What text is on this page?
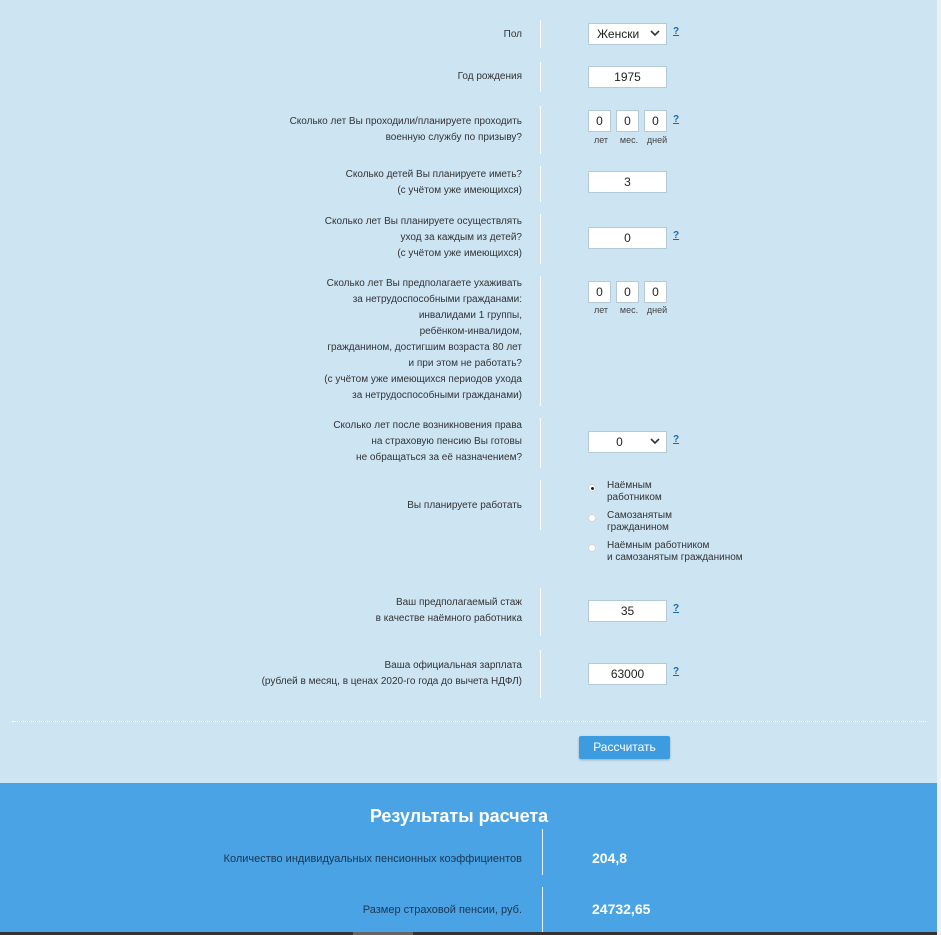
Пол	Женски	?
Год рождения	1975
Сколько лет Вы проходили/планируете проходить
военную службу по призыву?
0	0	0	?
лет	мес. дней
Сколько детей Вы планируете иметь?
(с учётом уже имеющихся)
3
Сколько лет Вы планируете осуществлять
уход за каждым из детей?
(с учётом уже имеющихся)
0	?
Сколько лет Вы предполагаете ухаживать
за нетрудоспособными гражданами:
инвалидами 1 группы,
ребёнком-инвалидом,
гражданином, достигшим возраста 80 лет
и при этом не работать?
(с учётом уже имеющихся периодов ухода
за нетрудоспособными гражданами)
0	0	0
лет	мес. дней
Сколько лет после возникновения права
на страховую пенсию Вы готовы
не обращаться за её назначением?
0	?
Вы планируете работать
Наёмным
работником
Самозанятым
гражданином
Наёмным работником
и самозанятым гражданином
Ваш предполагаемый стаж
в качестве наёмного работника
35	?
Ваша официальная зарплата
(рублей в месяц, в ценах 2020-го года до вычета НДФЛ)
63000	?
Рассчитать
Результаты расчета
Количество индивидуальных пенсионных коэффициентов	204,8
Размер страховой пенсии, руб.	24732,65
